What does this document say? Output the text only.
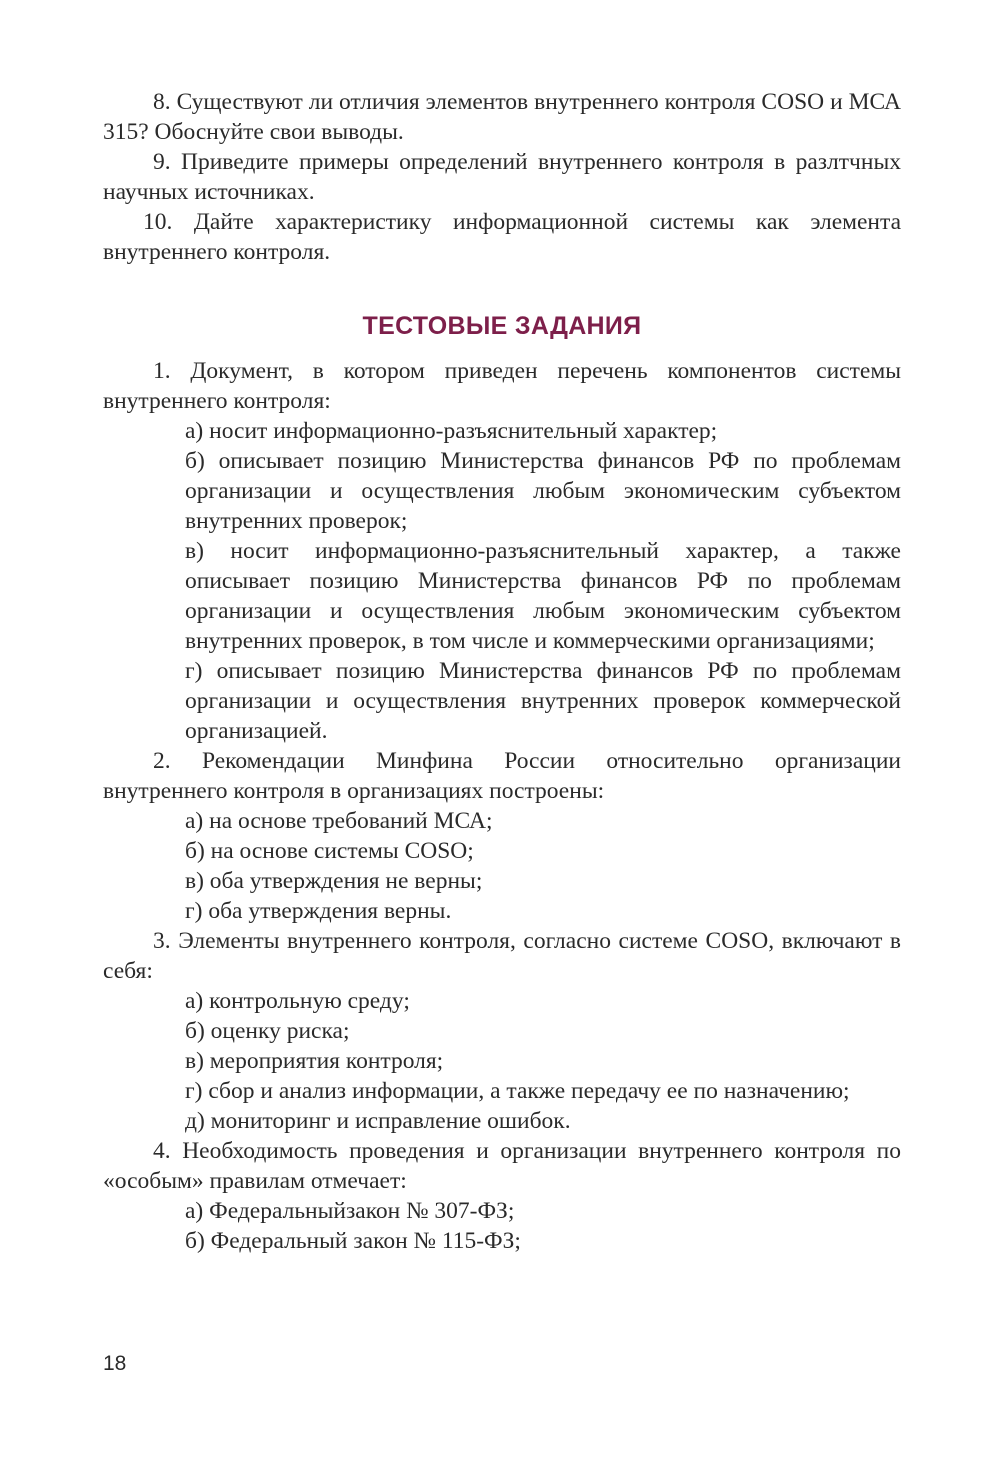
8. Существуют ли отличия элементов внутреннего контроля COSO и МСА 315? Обоснуйте свои выводы.

9. Приведите примеры определений внутреннего контроля в разлтчных научных источниках.

10. Дайте характеристику информационной системы как элемента внутреннего контроля.

ТЕСТОВЫЕ ЗАДАНИЯ

1. Документ, в котором приведен перечень компонентов системы внутреннего контроля:

а) носит информационно-разъяснительный характер;

б) описывает позицию Министерства финансов РФ по проблемам организации и осуществления любым экономическим субъектом внутренних проверок;

в) носит информационно-разъяснительный характер, а также описывает позицию Министерства финансов РФ по проблемам организации и осуществления любым экономическим субъектом внутренних проверок, в том числе и коммерческими организациями;

г) описывает позицию Министерства финансов РФ по проблемам организации и осуществления внутренних проверок коммерческой организацией.

2. Рекомендации Минфина России относительно организации внутреннего контроля в организациях построены:

а) на основе требований МСА;

б) на основе системы COSO;

в) оба утверждения не верны;

г) оба утверждения верны.

3. Элементы внутреннего контроля, согласно системе COSO, включают в себя:

а) контрольную среду;

б) оценку риска;

в) мероприятия контроля;

г) сбор и анализ информации, а также передачу ее по назначению;

д) мониторинг и исправление ошибок.

4. Необходимость проведения и организации внутреннего контроля по «особым» правилам отмечает:

а) Федеральныйзакон № 307-ФЗ;

б) Федеральный закон № 115-ФЗ;

18
